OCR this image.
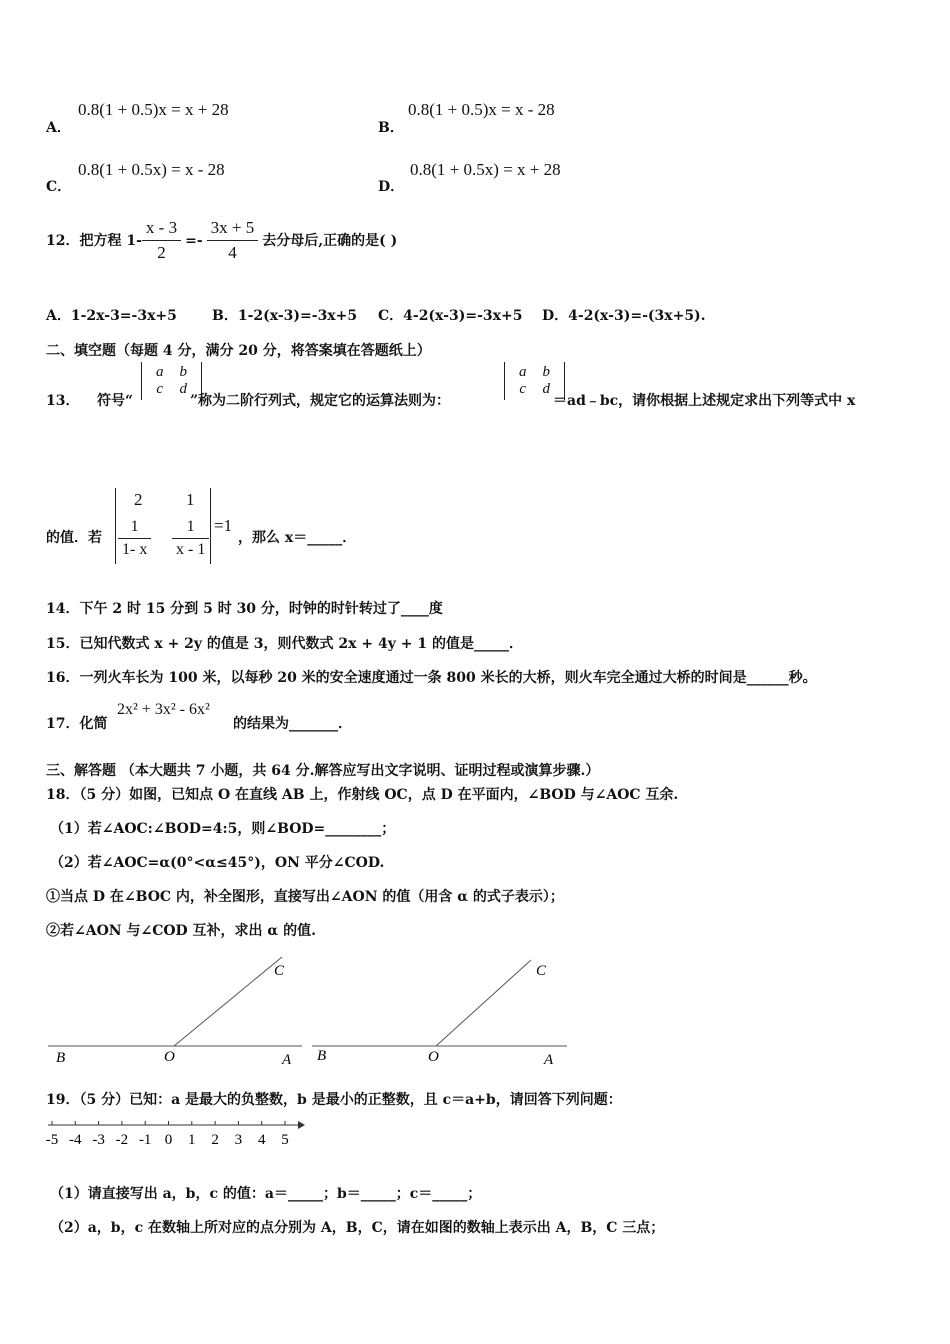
A．
0.8(1 + 0.5)x = x + 28
B．
0.8(1 + 0.5)x = x - 28
C．
0.8(1 + 0.5x) = x - 28
D．
0.8(1 + 0.5x) = x + 28
12．把方程 $1- \frac{x - 3}{2} =- \frac{3x + 5}{4}$ 去分母后,正确的是( )
A．1-2x-3=-3x+5	B．1-2(x-3)=-3x+5 C．4-2(x-3)=-3x+5 D．4-2(x-3)=-(3x+5).
二、填空题（每题 4 分，满分 20 分，将答案填在答题纸上）
13． 符号“
a	b
c	d
”称为二阶行列式，规定它的运算法则为：
a	b
c	d
＝ad﹣bc，请你根据上述规定求出下列等式中 x
的值．若
2	1
$\frac{1}{1- x} \frac{1}{x - 1} =1$
，那么 x＝_____．
14．下午 2 时 15 分到 5 时 30 分，时钟的时针转过了____度
15．已知代数式 x + 2y 的值是 3，则代数式 2x + 4y + 1 的值是_____．
16．一列火车长为 100 米，以每秒 20 米的安全速度通过一条 800 米长的大桥，则火车完全通过大桥的时间是______秒。
17．化简
2x² + 3x² - 6x²
的结果为_______．
三、解答题 （本大题共 7 小题，共 64 分.解答应写出文字说明、证明过程或演算步骤.）
18．（5 分）如图，已知点 O 在直线 AB 上，作射线 OC，点 D 在平面内，∠BOD 与∠AOC 互余.
（1）若∠AOC:∠BOD=4:5，则∠BOD=________；
（2）若∠AOC=α(0°<α≤45°)，ON 平分∠COD.
①当点 D 在∠BOC 内，补全图形，直接写出∠AON 的值（用含 α 的式子表示）；
②若∠AON 与∠COD 互补，求出 α 的值.
B	O	A
C
B	O	A
C
19．（5 分）已知：a 是最大的负整数，b 是最小的正整数，且 c＝a+b，请回答下列问题：
-5 -4 -3 -2 -1 0 1 2 3 4 5
（1）请直接写出 a，b，c 的值：a＝_____；b＝_____；c＝_____；
（2）a，b，c 在数轴上所对应的点分别为 A，B，C，请在如图的数轴上表示出 A，B，C 三点；
